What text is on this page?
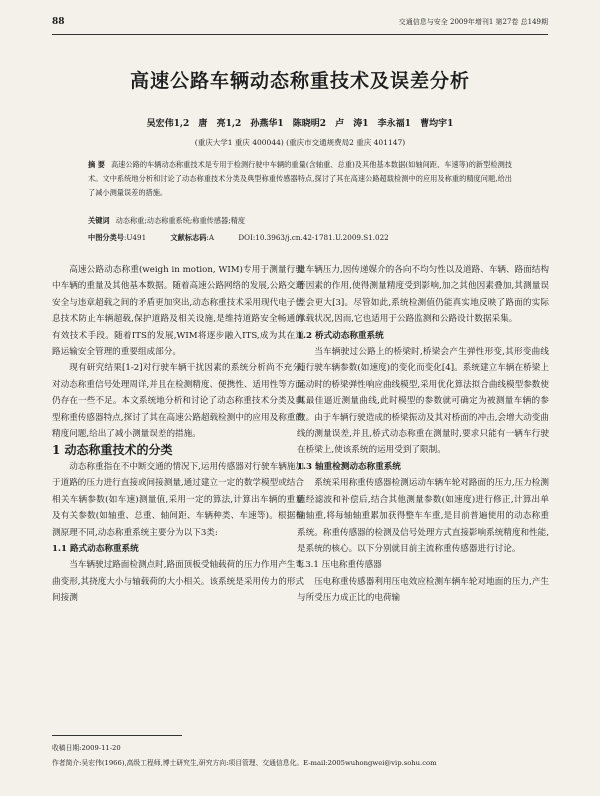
88	交通信息与安全 2009年增刊1 第27卷 总149期
高速公路车辆动态称重技术及误差分析
吴宏伟1,2 唐 亮1,2 孙燕华1 陈晓明2 卢 涛1 李永福1 曹均宇1
(重庆大学1 重庆 400044) (重庆市交通规费局2 重庆 401147)
摘 要 高速公路的车辆动态称重技术是专用于检测行驶中车辆的重量(含轴重、总重)及其他基本数据(如轴间距、车速等)的新型检测技术。文中系统地分析和讨论了动态称重技术分类及典型称重传感器特点,探讨了其在高速公路超载检测中的应用及称重的精度问题,给出了减小测量误差的措施。
关键词 动态称重;动态称重系统;称重传感器;精度
中图分类号:U491	文献标志码:A	DOI:10.3963/j.cn.42-1781.U.2009.S1.022

高速公路动态称重(weigh in motion, WIM)专用于测量行驶中车辆的重量及其他基本数据。随着高速公路网络的发展,公路交通安全与违章超载之间的矛盾更加突出,动态称重技术采用现代电子信息技术防止车辆超载,保护道路及相关设施,是维持道路安全畅通的有效技术手段。随着ITS的发展,WIM将逐步融入ITS,成为其在道路运输安全管理的重要组成部分。

现有研究结果[1-2]对行驶车辆干扰因素的系统分析尚不充分,对动态称重信号处理周详,并且在检测精度、便携性、适用性等方面仍存在一些不足。本文系统地分析和讨论了动态称重技术分类及典型称重传感器特点,探讨了其在高速公路超载检测中的应用及称重的精度问题,给出了减小测量误差的措施。

1 动态称重技术的分类

动态称重指在不中断交通的情况下,运用传感器对行驶车辆施加于道路的压力进行直接或间接测量,通过建立一定的数学模型或结合相关车辆参数(如车速)测量值,采用一定的算法,计算出车辆的重量及有关参数(如轴重、总重、轴间距、车辆种类、车速等)。根据检测原理不同,动态称重系统主要分为以下3类:

1.1 路式动态称重系统

当车辆驶过路面检测点时,路面顶板受轴载荷的压力作用产生弯曲变形,其挠度大小与轴载荷的大小相关。该系统是采用传力的形式间接测

量车辆压力,因传递媒介的各向不均匀性以及道路、车辆、路面结构等因素的作用,使得测量精度受到影响,加之其他因素叠加,其测量误差会更大[3]。尽管如此,系统检测值仍能真实地反映了路面的实际承载状况,因而,它也适用于公路监测和公路设计数据采集。

1.2 桥式动态称重系统

当车辆驶过公路上的桥梁时,桥梁会产生弹性形变,其形变曲线随行驶车辆参数(如速度)的变化而变化[4]。系统建立车辆在桥梁上运动时的桥梁弹性响应曲线模型,采用优化算法拟合曲线模型参数使其最佳逼近测量曲线,此时模型的参数就可确定为被测量车辆的参数。由于车辆行驶造成的桥梁振动及其对桥面的冲击,会增大动变曲线的测量误差,并且,桥式动态称重在测量时,要求只能有一辆车行驶在桥梁上,使该系统的运用受到了限制。

1.3 轴重检测动态称重系统

系统采用称重传感器检测运动车辆车轮对路面的压力,压力检测值经滤波和补偿后,结合其他测量参数(如速度)进行修正,计算出单轴轴重,将每轴轴重累加获得整车车重,是目前普遍使用的动态称重系统。称重传感器的检测及信号处理方式直接影响系统精度和性能,是系统的核心。以下分别就目前主流称重传感器进行讨论。

1.3.1 压电称重传感器

压电称重传感器利用压电效应检测车辆车轮对地面的压力,产生与所受压力成正比的电荷输

收稿日期:2009-11-20
作者简介:吴宏伟(1966),高级工程师,博士研究生,研究方向:项目管理、交通信息化。E-mail:2005wuhongwei@vip.sohu.com
